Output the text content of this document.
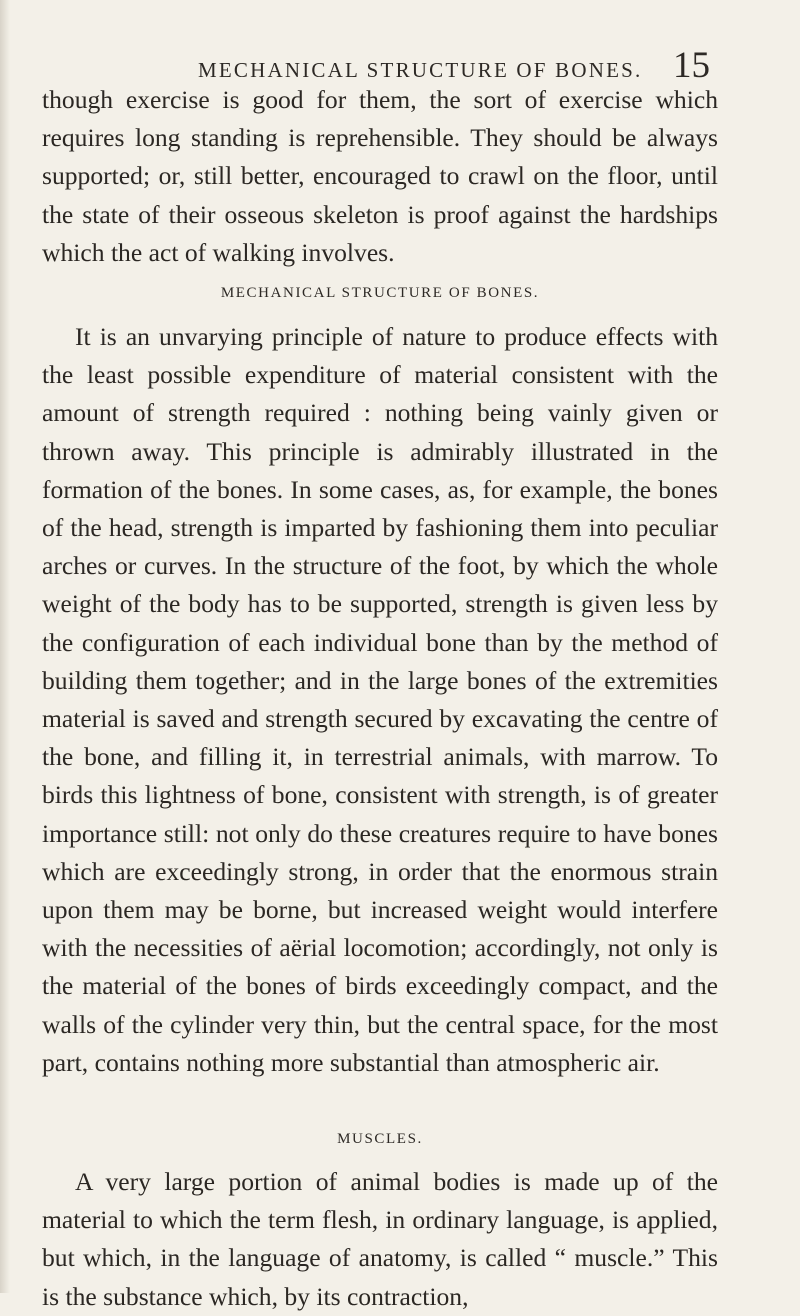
MECHANICAL STRUCTURE OF BONES. 15

though exercise is good for them, the sort of exercise which requires long standing is reprehensible. They should be always supported; or, still better, encouraged to crawl on the floor, until the state of their osseous skeleton is proof against the hardships which the act of walking involves.

MECHANICAL STRUCTURE OF BONES.

It is an unvarying principle of nature to produce effects with the least possible expenditure of material consistent with the amount of strength required : nothing being vainly given or thrown away. This principle is admirably illustrated in the formation of the bones. In some cases, as, for example, the bones of the head, strength is imparted by fashioning them into peculiar arches or curves. In the structure of the foot, by which the whole weight of the body has to be supported, strength is given less by the configuration of each individual bone than by the method of building them together; and in the large bones of the extremities material is saved and strength secured by excavating the centre of the bone, and filling it, in terrestrial animals, with marrow. To birds this lightness of bone, consistent with strength, is of greater importance still: not only do these creatures require to have bones which are exceedingly strong, in order that the enormous strain upon them may be borne, but increased weight would interfere with the necessities of aërial locomotion; accordingly, not only is the material of the bones of birds exceedingly compact, and the walls of the cylinder very thin, but the central space, for the most part, contains nothing more substantial than atmospheric air.

MUSCLES.

A very large portion of animal bodies is made up of the material to which the term flesh, in ordinary language, is applied, but which, in the language of anatomy, is called “ muscle.” This is the substance which, by its contraction,
